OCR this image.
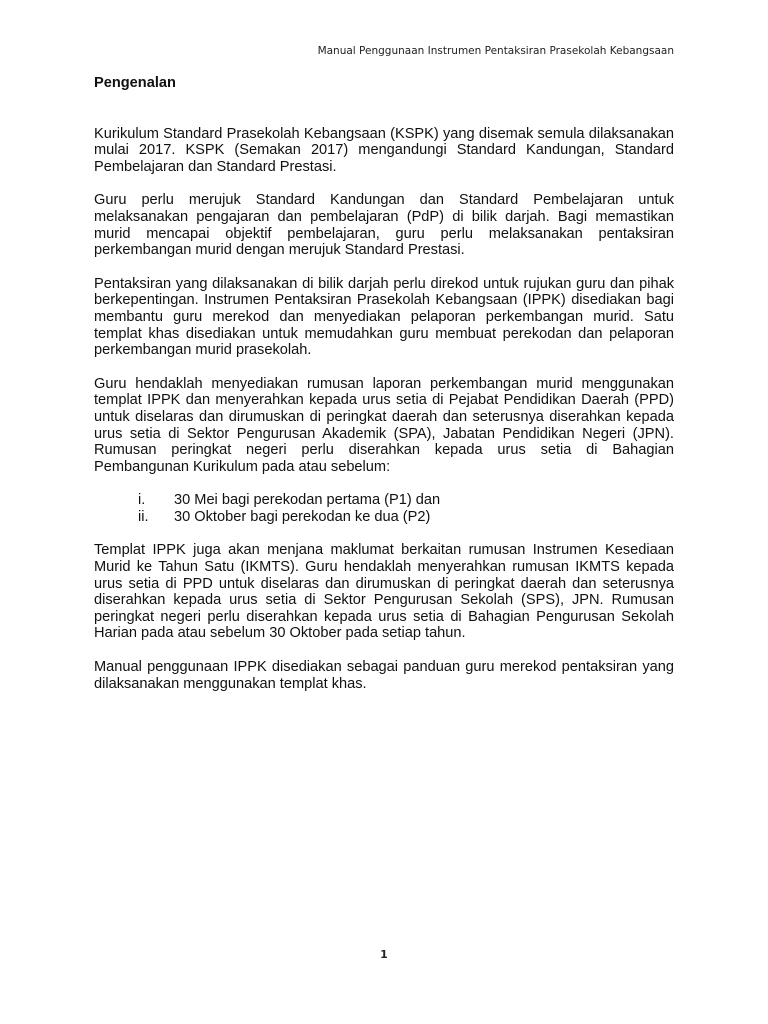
Manual Penggunaan Instrumen Pentaksiran Prasekolah Kebangsaan
Pengenalan

Kurikulum Standard Prasekolah Kebangsaan (KSPK) yang disemak semula dilaksanakan mulai 2017. KSPK (Semakan 2017) mengandungi Standard Kandungan, Standard Pembelajaran dan Standard Prestasi.

Guru perlu merujuk Standard Kandungan dan Standard Pembelajaran untuk melaksanakan pengajaran dan pembelajaran (PdP) di bilik darjah. Bagi memastikan murid mencapai objektif pembelajaran, guru perlu melaksanakan pentaksiran perkembangan murid dengan merujuk Standard Prestasi.

Pentaksiran yang dilaksanakan di bilik darjah perlu direkod untuk rujukan guru dan pihak berkepentingan. Instrumen Pentaksiran Prasekolah Kebangsaan (IPPK) disediakan bagi membantu guru merekod dan menyediakan pelaporan perkembangan murid. Satu templat khas disediakan untuk memudahkan guru membuat perekodan dan pelaporan perkembangan murid prasekolah.

Guru hendaklah menyediakan rumusan laporan perkembangan murid menggunakan templat IPPK dan menyerahkan kepada urus setia di Pejabat Pendidikan Daerah (PPD) untuk diselaras dan dirumuskan di peringkat daerah dan seterusnya diserahkan kepada urus setia di Sektor Pengurusan Akademik (SPA), Jabatan Pendidikan Negeri (JPN). Rumusan peringkat negeri perlu diserahkan kepada urus setia di Bahagian Pembangunan Kurikulum pada atau sebelum:

i.	30 Mei bagi perekodan pertama (P1) dan
ii.	30 Oktober bagi perekodan ke dua (P2)

Templat IPPK juga akan menjana maklumat berkaitan rumusan Instrumen Kesediaan Murid ke Tahun Satu (IKMTS). Guru hendaklah menyerahkan rumusan IKMTS kepada urus setia di PPD untuk diselaras dan dirumuskan di peringkat daerah dan seterusnya diserahkan kepada urus setia di Sektor Pengurusan Sekolah (SPS), JPN. Rumusan peringkat negeri perlu diserahkan kepada urus setia di Bahagian Pengurusan Sekolah Harian pada atau sebelum 30 Oktober pada setiap tahun.

Manual penggunaan IPPK disediakan sebagai panduan guru merekod pentaksiran yang dilaksanakan menggunakan templat khas.

1
